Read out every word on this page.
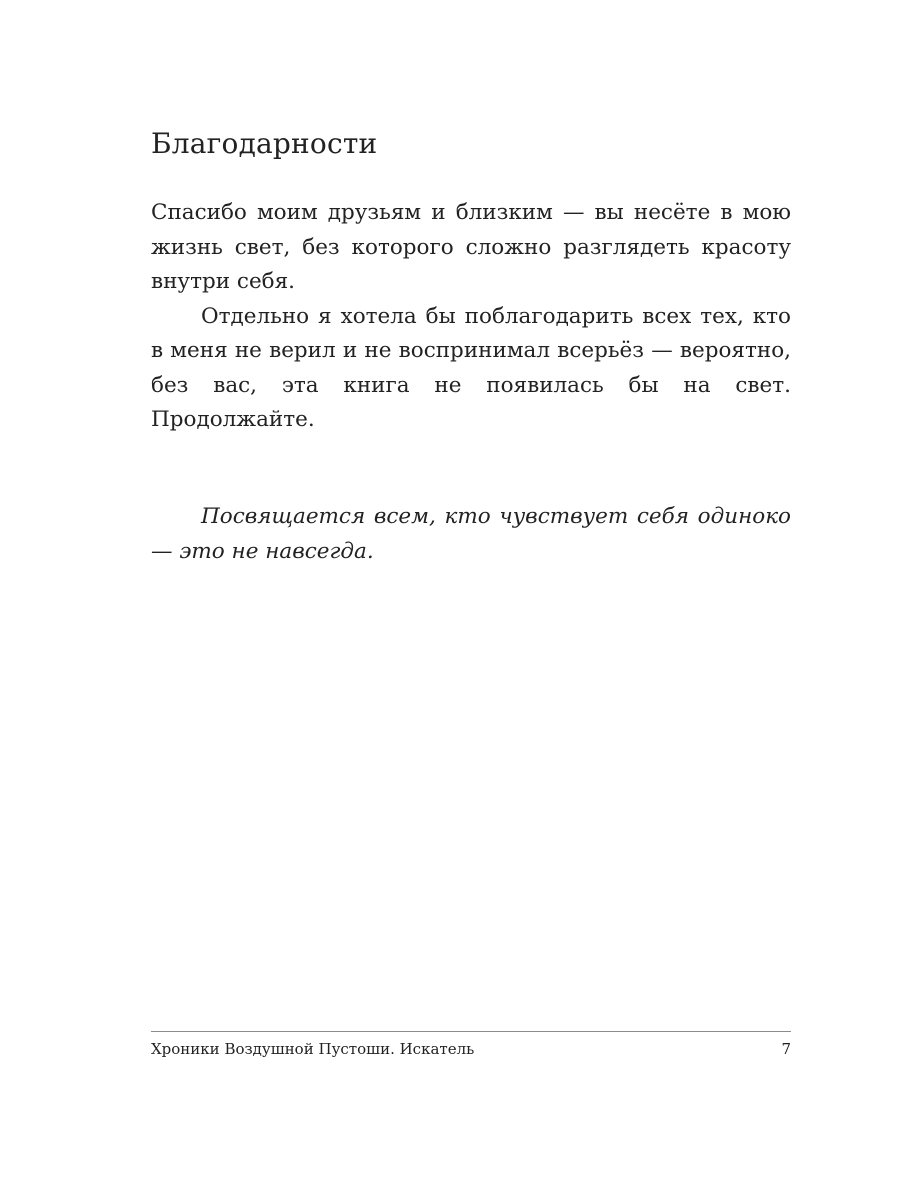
Благодарности

Спасибо моим друзьям и близким — вы несёте в мою жизнь свет, без которого сложно разглядеть красоту внутри себя.

Отдельно я хотела бы поблагодарить всех тех, кто в меня не верил и не воспринимал всерьёз — вероятно, без вас, эта книга не появилась бы на свет. Продолжайте.

Посвящается всем, кто чувствует себя одиноко — это не навсегда.

Хроники Воздушной Пустоши. Искатель	7
